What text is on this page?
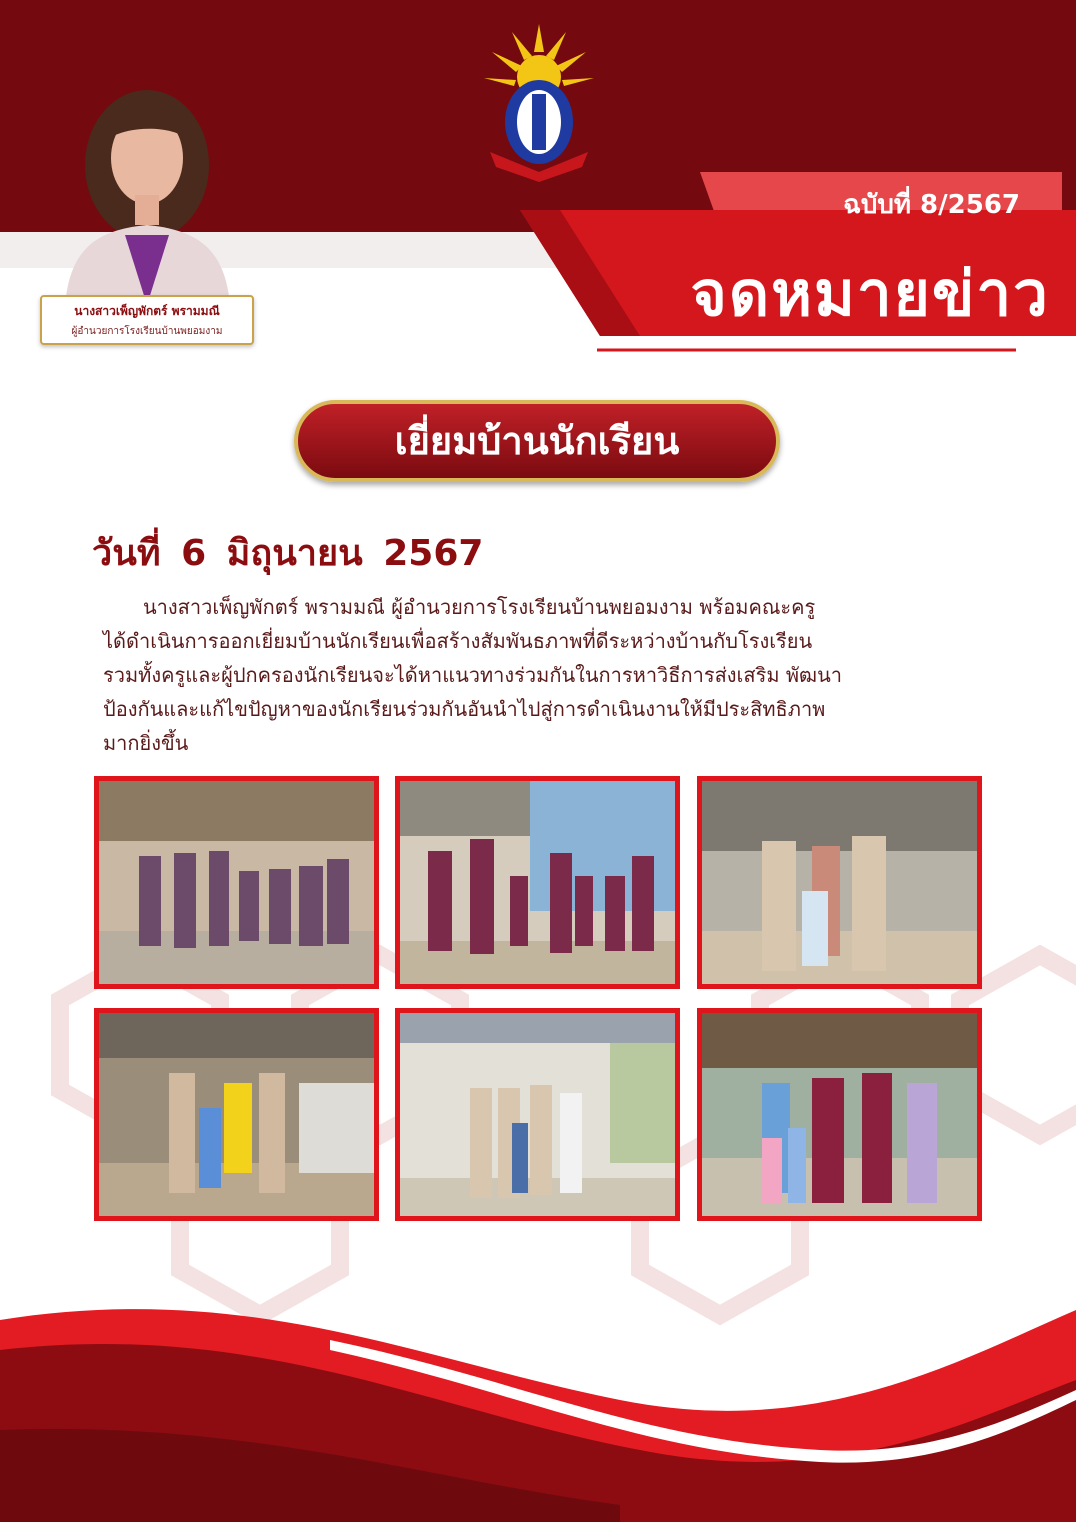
นางสาวเพ็ญพักตร์ พรามมณี
ผู้อำนวยการโรงเรียนบ้านพยอมงาม
ฉบับที่ 8/2567
จดหมายข่าว
เยี่ยมบ้านนักเรียน
วันที่ 6 มิถุนายน 2567

นางสาวเพ็ญพักตร์ พรามมณี ผู้อำนวยการโรงเรียนบ้านพยอมงาม พร้อมคณะครู

ได้ดำเนินการออกเยี่ยมบ้านนักเรียนเพื่อสร้างสัมพันธภาพที่ดีระหว่างบ้านกับโรงเรียน

รวมทั้งครูและผู้ปกครองนักเรียนจะได้หาแนวทางร่วมกันในการหาวิธีการส่งเสริม พัฒนา

ป้องกันและแก้ไขปัญหาของนักเรียนร่วมกันอันนำไปสู่การดำเนินงานให้มีประสิทธิภาพ

มากยิ่งขึ้น
